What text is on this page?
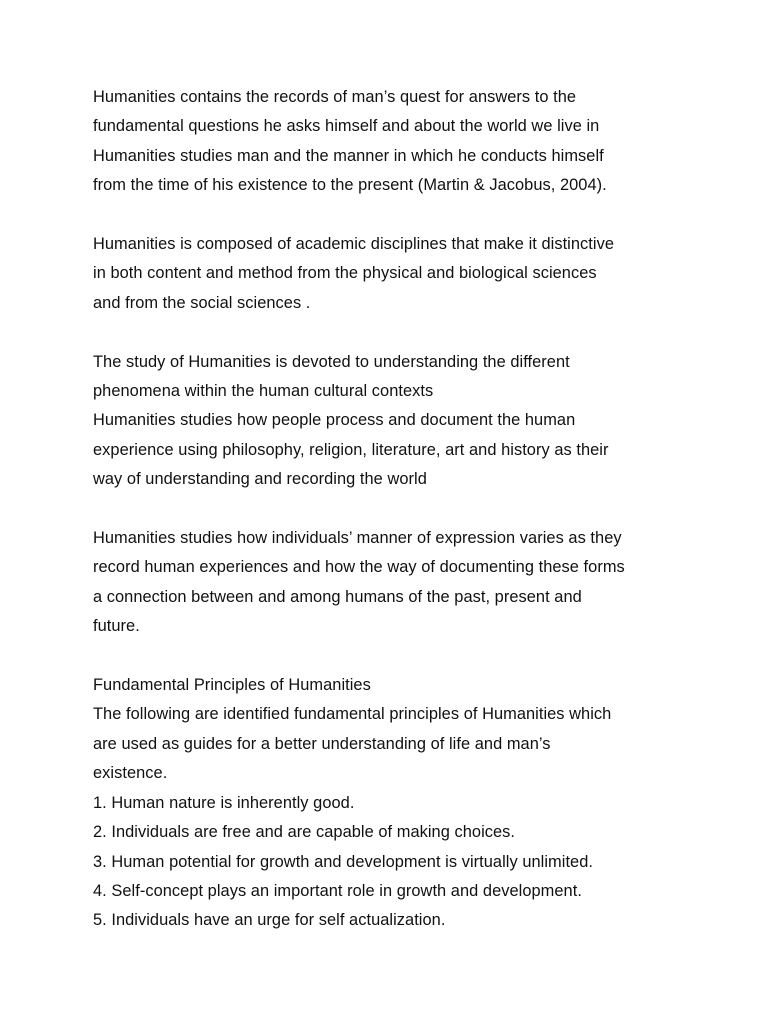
Humanities contains the records of man’s quest for answers to the
fundamental questions he asks himself and about the world we live in
Humanities studies man and the manner in which he conducts himself
from the time of his existence to the present (Martin & Jacobus, 2004).
Humanities is composed of academic disciplines that make it distinctive
in both content and method from the physical and biological sciences
and from the social sciences .
The study of Humanities is devoted to understanding the different
phenomena within the human cultural contexts
Humanities studies how people process and document the human
experience using philosophy, religion, literature, art and history as their
way of understanding and recording the world
Humanities studies how individuals’ manner of expression varies as they
record human experiences and how the way of documenting these forms
a connection between and among humans of the past, present and
future.
Fundamental Principles of Humanities
The following are identified fundamental principles of Humanities which
are used as guides for a better understanding of life and man’s
existence.
1. Human nature is inherently good.
2. Individuals are free and are capable of making choices.
3. Human potential for growth and development is virtually unlimited.
4. Self-concept plays an important role in growth and development.
5. Individuals have an urge for self actualization.
